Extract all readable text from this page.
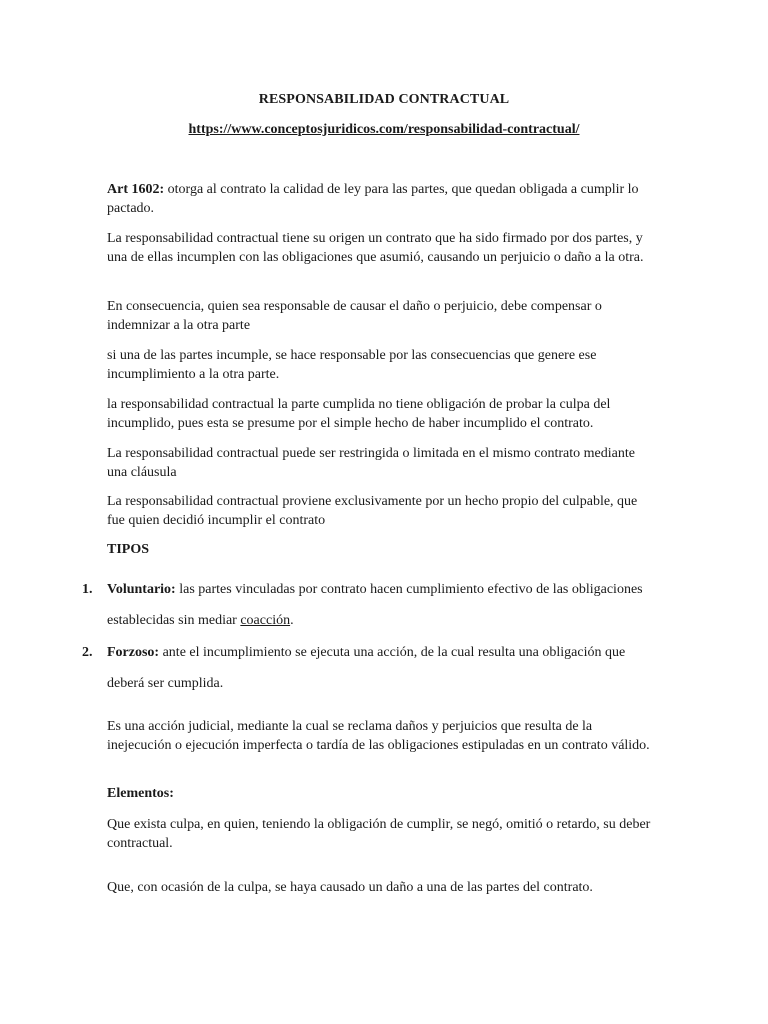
RESPONSABILIDAD CONTRACTUAL
https://www.conceptosjuridicos.com/responsabilidad-contractual/

Art 1602: otorga al contrato la calidad de ley para las partes, que quedan obligada a cumplir lo pactado.

La responsabilidad contractual tiene su origen un contrato que ha sido firmado por dos partes, y una de ellas incumplen con las obligaciones que asumió, causando un perjuicio o daño a la otra.

En consecuencia, quien sea responsable de causar el daño o perjuicio, debe compensar o indemnizar a la otra parte

si una de las partes incumple, se hace responsable por las consecuencias que genere ese incumplimiento a la otra parte.

la responsabilidad contractual la parte cumplida no tiene obligación de probar la culpa del incumplido, pues esta se presume por el simple hecho de haber incumplido el contrato.

La responsabilidad contractual puede ser restringida o limitada en el mismo contrato mediante una cláusula

La responsabilidad contractual proviene exclusivamente por un hecho propio del culpable, que fue quien decidió incumplir el contrato

TIPOS
1. Voluntario: las partes vinculadas por contrato hacen cumplimiento efectivo de las obligaciones establecidas sin mediar coacción.
2. Forzoso: ante el incumplimiento se ejecuta una acción, de la cual resulta una obligación que deberá ser cumplida.

Es una acción judicial, mediante la cual se reclama daños y perjuicios que resulta de la inejecución o ejecución imperfecta o tardía de las obligaciones estipuladas en un contrato válido.

Elementos:

Que exista culpa, en quien, teniendo la obligación de cumplir, se negó, omitió o retardo, su deber contractual.

Que, con ocasión de la culpa, se haya causado un daño a una de las partes del contrato.
